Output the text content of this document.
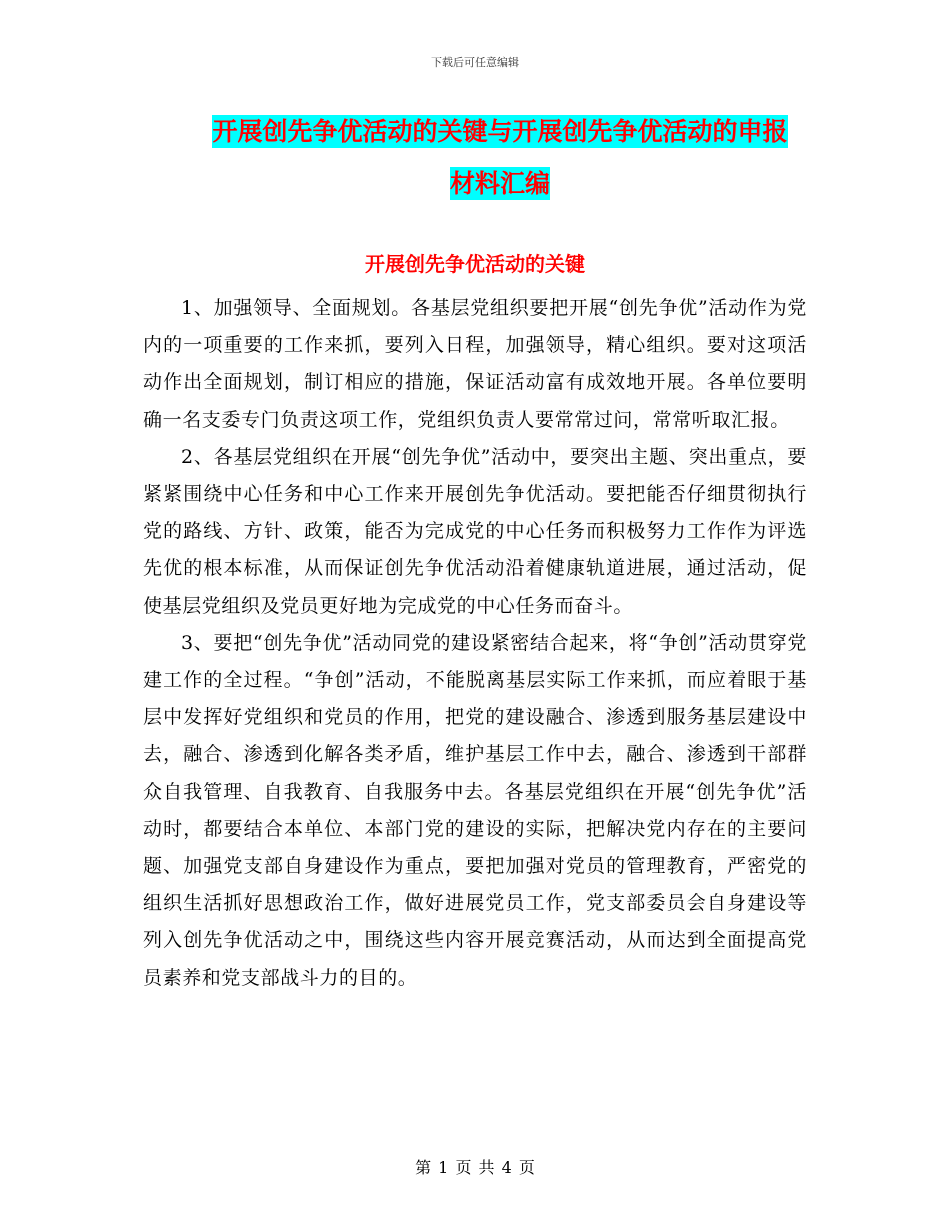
下载后可任意编辑
开展创先争优活动的关键与开展创先争优活动的申报
材料汇编
开展创先争优活动的关键

1、加强领导、全面规划。各基层党组织要把开展“创先争优”活动作为党内的一项重要的工作来抓，要列入日程，加强领导，精心组织。要对这项活动作出全面规划，制订相应的措施，保证活动富有成效地开展。各单位要明确一名支委专门负责这项工作，党组织负责人要常常过问，常常听取汇报。

2、各基层党组织在开展“创先争优”活动中，要突出主题、突出重点，要紧紧围绕中心任务和中心工作来开展创先争优活动。要把能否仔细贯彻执行党的路线、方针、政策，能否为完成党的中心任务而积极努力工作作为评选先优的根本标准，从而保证创先争优活动沿着健康轨道进展，通过活动，促使基层党组织及党员更好地为完成党的中心任务而奋斗。

3、要把“创先争优”活动同党的建设紧密结合起来，将“争创”活动贯穿党建工作的全过程。“争创”活动，不能脱离基层实际工作来抓，而应着眼于基层中发挥好党组织和党员的作用，把党的建设融合、渗透到服务基层建设中去，融合、渗透到化解各类矛盾，维护基层工作中去，融合、渗透到干部群众自我管理、自我教育、自我服务中去。各基层党组织在开展“创先争优”活动时，都要结合本单位、本部门党的建设的实际，把解决党内存在的主要问题、加强党支部自身建设作为重点，要把加强对党员的管理教育，严密党的组织生活抓好思想政治工作，做好进展党员工作，党支部委员会自身建设等列入创先争优活动之中，围绕这些内容开展竞赛活动，从而达到全面提高党员素养和党支部战斗力的目的。

第 1 页 共 4 页
